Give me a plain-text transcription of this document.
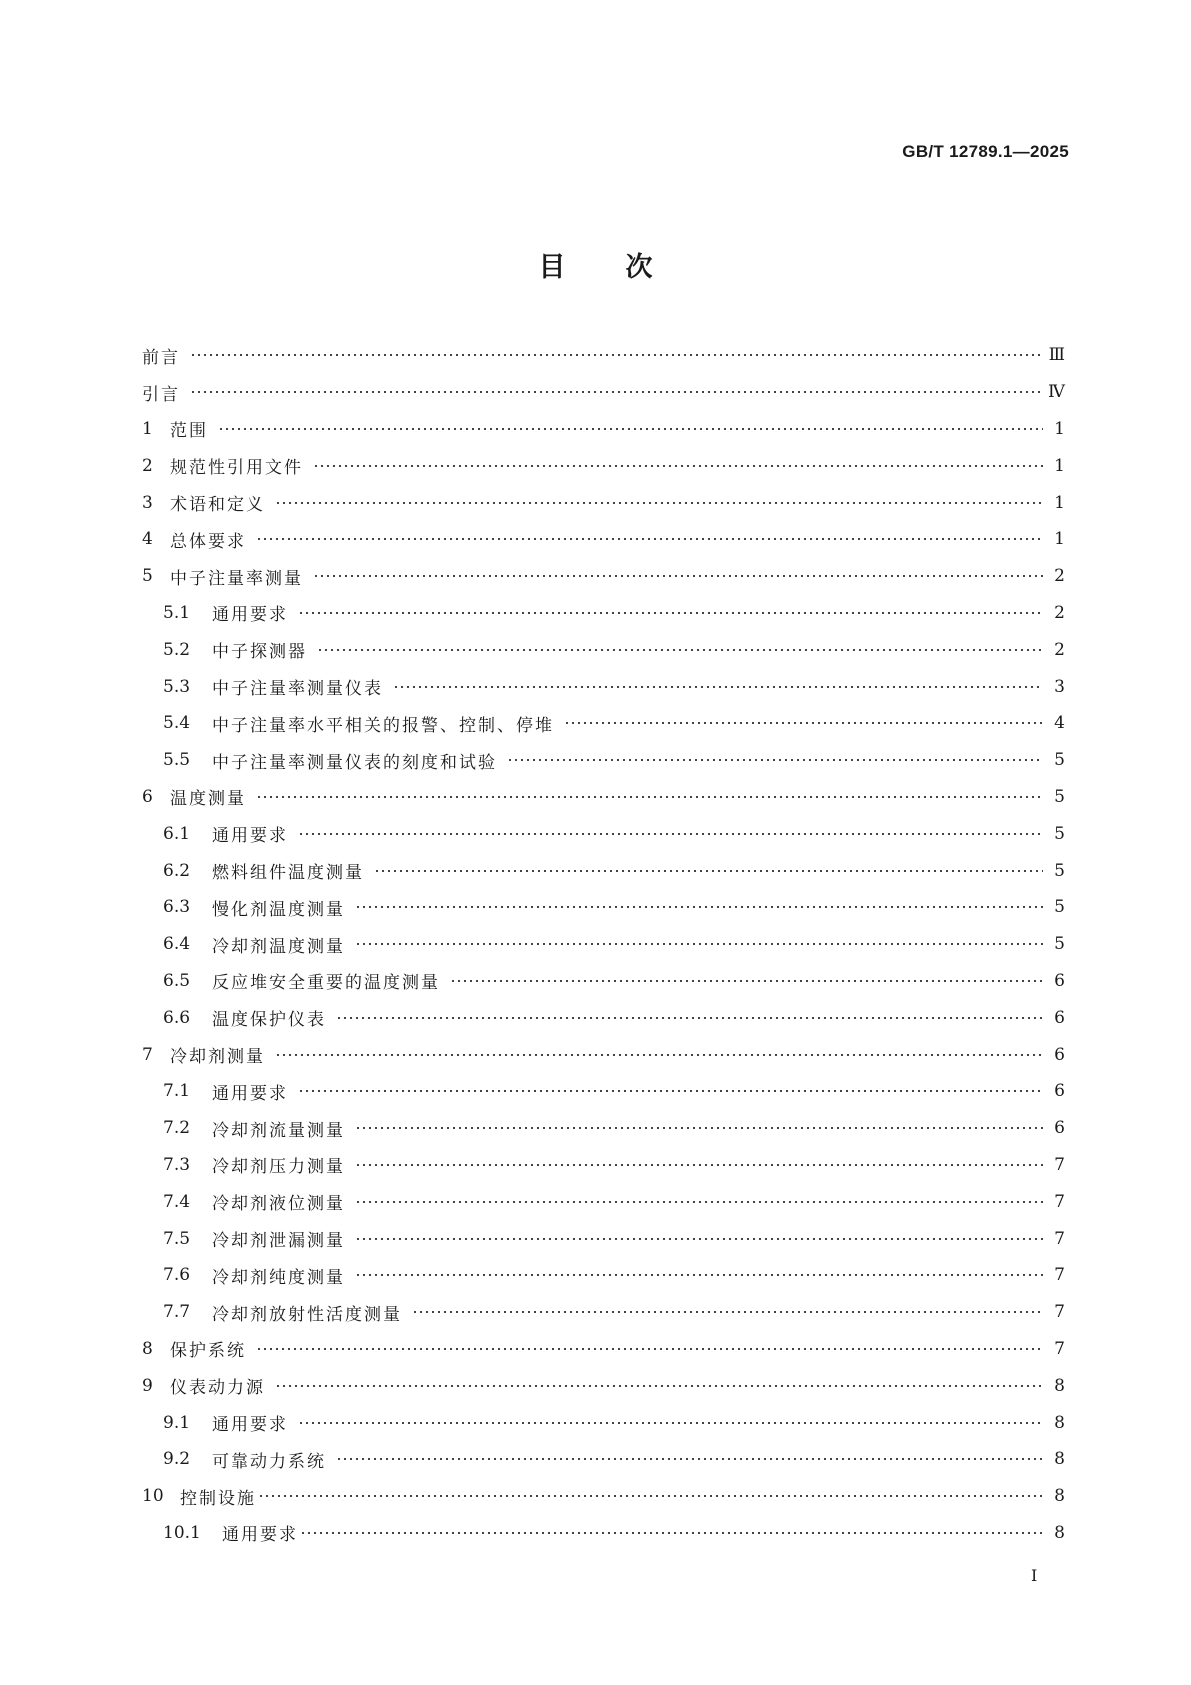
GB/T 12789.1—2025
目次
前言	Ⅲ
引言	Ⅳ
1	范围	1
2	规范性引用文件	1
3	术语和定义	1
4	总体要求	1
5	中子注量率测量	2
5.1	通用要求	2
5.2	中子探测器	2
5.3	中子注量率测量仪表	3
5.4	中子注量率水平相关的报警、控制、停堆	4
5.5	中子注量率测量仪表的刻度和试验	5
6	温度测量	5
6.1	通用要求	5
6.2	燃料组件温度测量	5
6.3	慢化剂温度测量	5
6.4	冷却剂温度测量	5
6.5	反应堆安全重要的温度测量	6
6.6	温度保护仪表	6
7	冷却剂测量	6
7.1	通用要求	6
7.2	冷却剂流量测量	6
7.3	冷却剂压力测量	7
7.4	冷却剂液位测量	7
7.5	冷却剂泄漏测量	7
7.6	冷却剂纯度测量	7
7.7	冷却剂放射性活度测量	7
8	保护系统	7
9	仪表动力源	8
9.1	通用要求	8
9.2	可靠动力系统	8
10 控制设施	8
10.1	通用要求	8
I
